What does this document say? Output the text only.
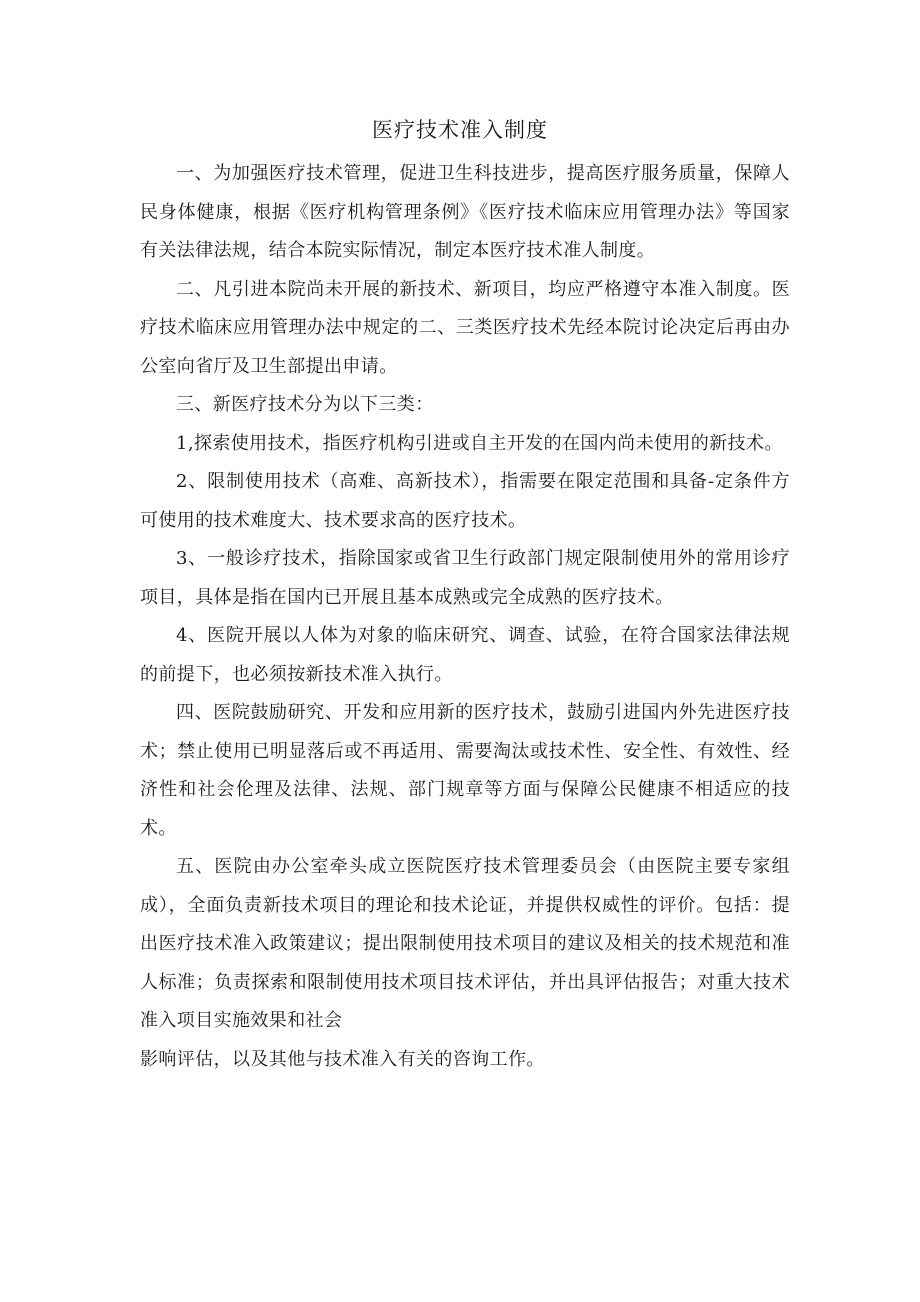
医疗技术准入制度

一、为加强医疗技术管理，促进卫生科技进步，提高医疗服务质量，保障人民身体健康，根据《医疗机构管理条例》《医疗技术临床应用管理办法》等国家有关法律法规，结合本院实际情况，制定本医疗技术准人制度。

二、凡引进本院尚未开展的新技术、新项目，均应严格遵守本准入制度。医疗技术临床应用管理办法中规定的二、三类医疗技术先经本院讨论决定后再由办公室向省厅及卫生部提出申请。

三、新医疗技术分为以下三类：

1,探索使用技术，指医疗机构引进或自主开发的在国内尚未使用的新技术。

2、限制使用技术（高难、高新技术），指需要在限定范围和具备-定条件方可使用的技术难度大、技术要求高的医疗技术。

3、一般诊疗技术，指除国家或省卫生行政部门规定限制使用外的常用诊疗项目，具体是指在国内已开展且基本成熟或完全成熟的医疗技术。

4、医院开展以人体为对象的临床研究、调查、试验，在符合国家法律法规的前提下，也必须按新技术准入执行。

四、医院鼓励研究、开发和应用新的医疗技术，鼓励引进国内外先进医疗技术；禁止使用已明显落后或不再适用、需要淘汰或技术性、安全性、有效性、经济性和社会伦理及法律、法规、部门规章等方面与保障公民健康不相适应的技术。

五、医院由办公室牵头成立医院医疗技术管理委员会（由医院主要专家组成），全面负责新技术项目的理论和技术论证，并提供权威性的评价。包括：提出医疗技术准入政策建议；提出限制使用技术项目的建议及相关的技术规范和准人标准；负责探索和限制使用技术项目技术评估，并出具评估报告；对重大技术准入项目实施效果和社会

影响评估，以及其他与技术准入有关的咨询工作。
